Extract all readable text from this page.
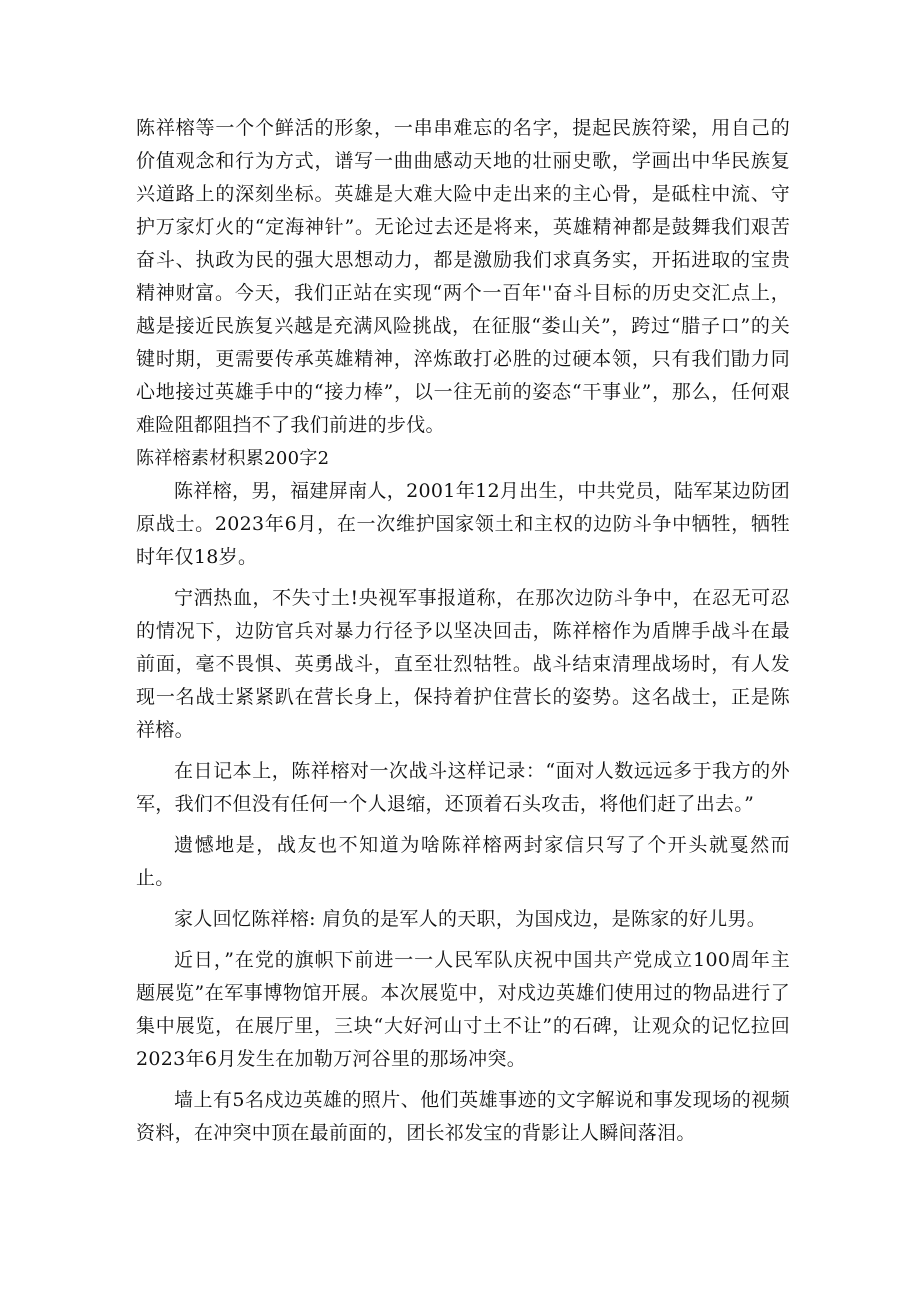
陈祥榕等一个个鲜活的形象，一串串难忘的名字，提起民族符梁，用自己的价值观念和行为方式，谱写一曲曲感动天地的壮丽史歌，学画出中华民族复兴道路上的深刻坐标。英雄是大难大险中走出来的主心骨，是砥柱中流、守护万家灯火的“定海神针”。无论过去还是将来，英雄精神都是鼓舞我们艰苦奋斗、执政为民的强大思想动力，都是激励我们求真务实，开拓进取的宝贵精神财富。今天，我们正站在实现“两个一百年''奋斗目标的历史交汇点上，越是接近民族复兴越是充满风险挑战，在征服“娄山关”，跨过“腊子口”的关键时期，更需要传承英雄精神，淬炼敢打必胜的过硬本领，只有我们勖力同心地接过英雄手中的“接力棒”，以一往无前的姿态“干事业”，那么，任何艰难险阻都阻挡不了我们前进的步伐。

陈祥榕素材积累200字2

陈祥榕，男，福建屏南人，2001年12月出生，中共党员，陆军某边防团原战士。2023年6月，在一次维护国家领土和主权的边防斗争中牺牲，牺牲时年仅18岁。

宁洒热血，不失寸土!央视军事报道称，在那次边防斗争中，在忍无可忍的情况下，边防官兵对暴力行径予以坚决回击，陈祥榕作为盾牌手战斗在最前面，毫不畏惧、英勇战斗，直至壮烈牯牲。战斗结束清理战场时，有人发现一名战士紧紧趴在营长身上，保持着护住营长的姿势。这名战士，正是陈祥榕。

在日记本上，陈祥榕对一次战斗这样记录：“面对人数远远多于我方的外军，我们不但没有任何一个人退缩，还顶着石头攻击，将他们赶了出去。”

遗憾地是，战友也不知道为啥陈祥榕两封家信只写了个开头就戛然而止。

家人回忆陈祥榕: 肩负的是军人的天职，为国戍边，是陈家的好儿男。

近日，”在党的旗帜下前进一一人民军队庆祝中国共产党成立100周年主题展览”在军事博物馆开展。本次展览中，对戍边英雄们使用过的物品进行了集中展览，在展厅里，三块“大好河山寸土不让”的石碑，让观众的记忆拉回2023年6月发生在加勒万河谷里的那场冲突。

墙上有5名戍边英雄的照片、他们英雄事迹的文字解说和事发现场的视频资料，在冲突中顶在最前面的，团长祁发宝的背影让人瞬间落泪。
